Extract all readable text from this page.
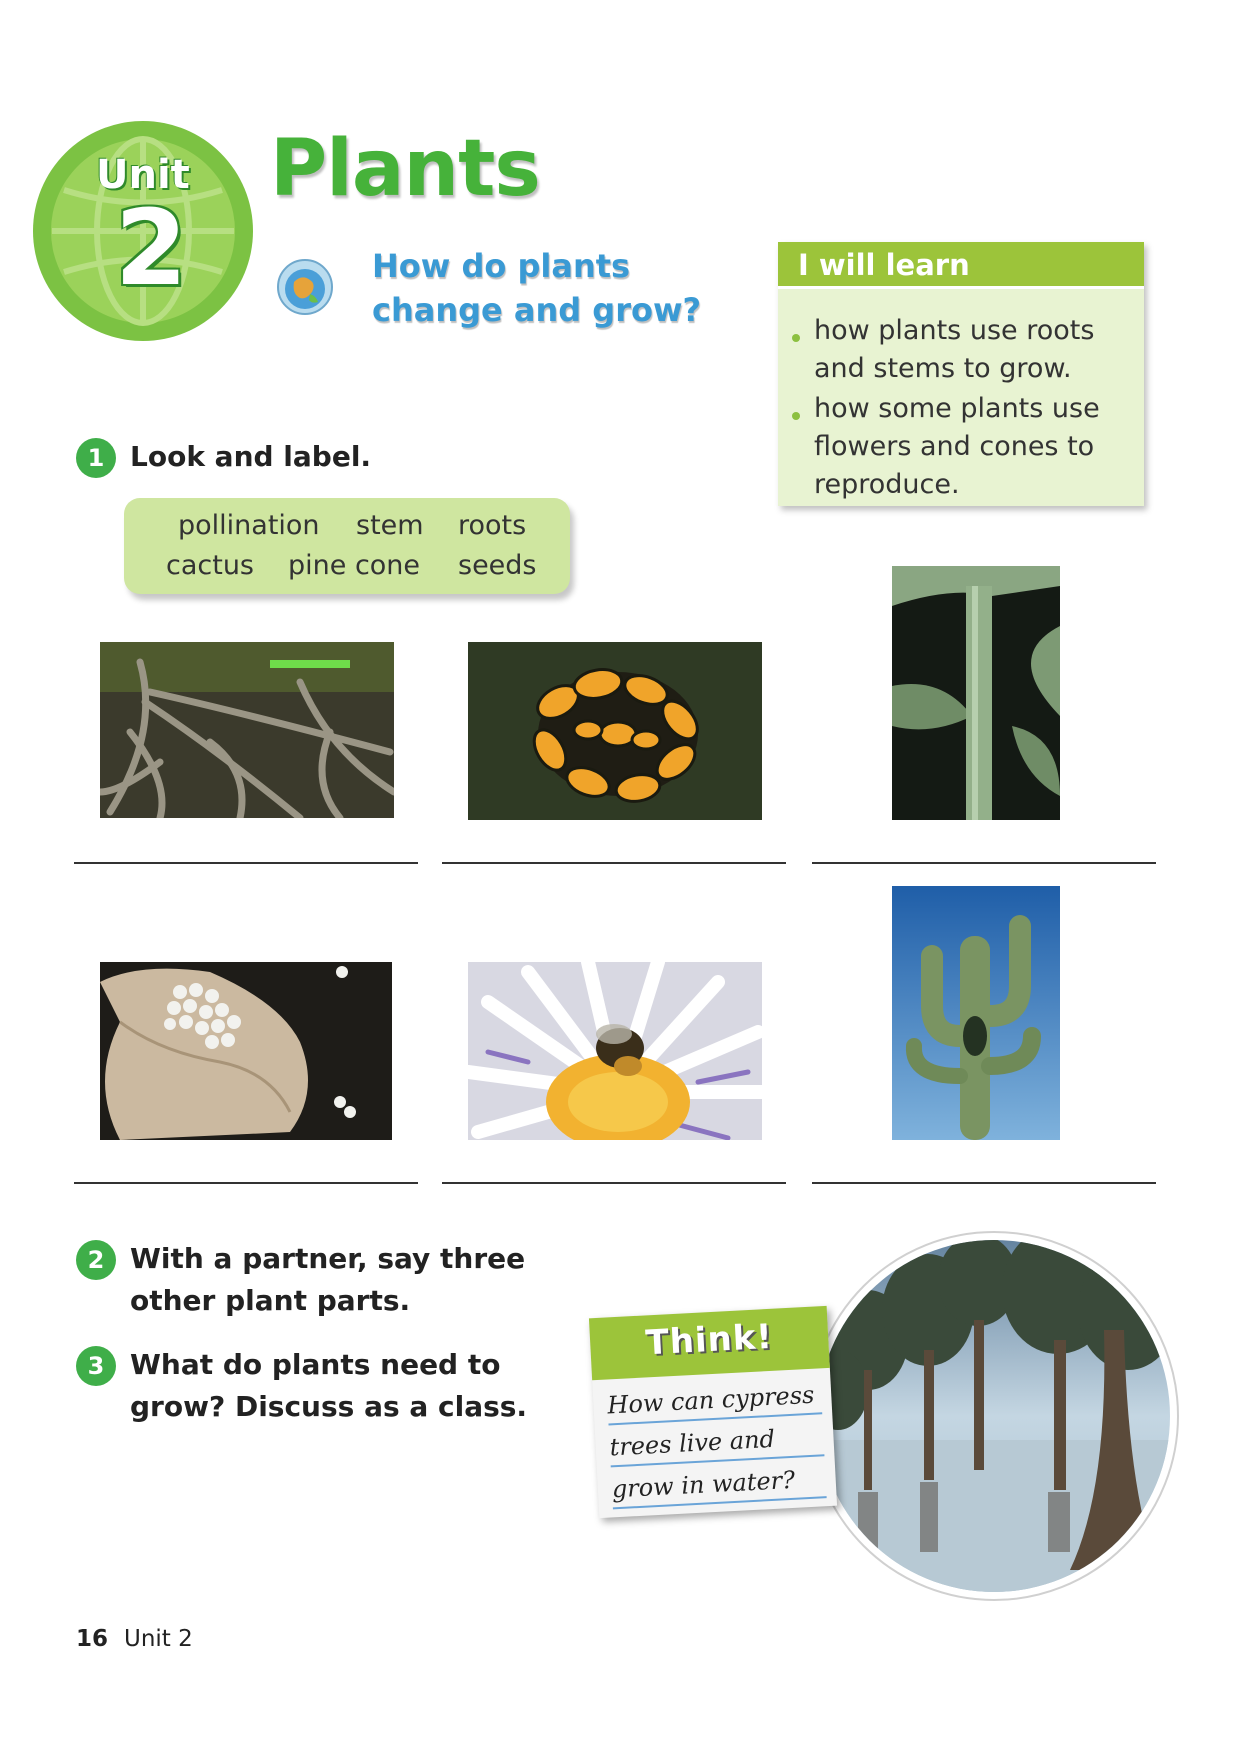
Unit
2
Plants
How do plants change and grow?
I will learn
how plants use roots and stems to grow.
how some plants use flowers and cones to reproduce.
1 Look and label.
pollination stem roots
cactus pine cone seeds
2 With a partner, say three other plant parts.
3 What do plants need to grow? Discuss as a class.
Think!
How can cypress
trees live and
grow in water?
16 Unit 2
